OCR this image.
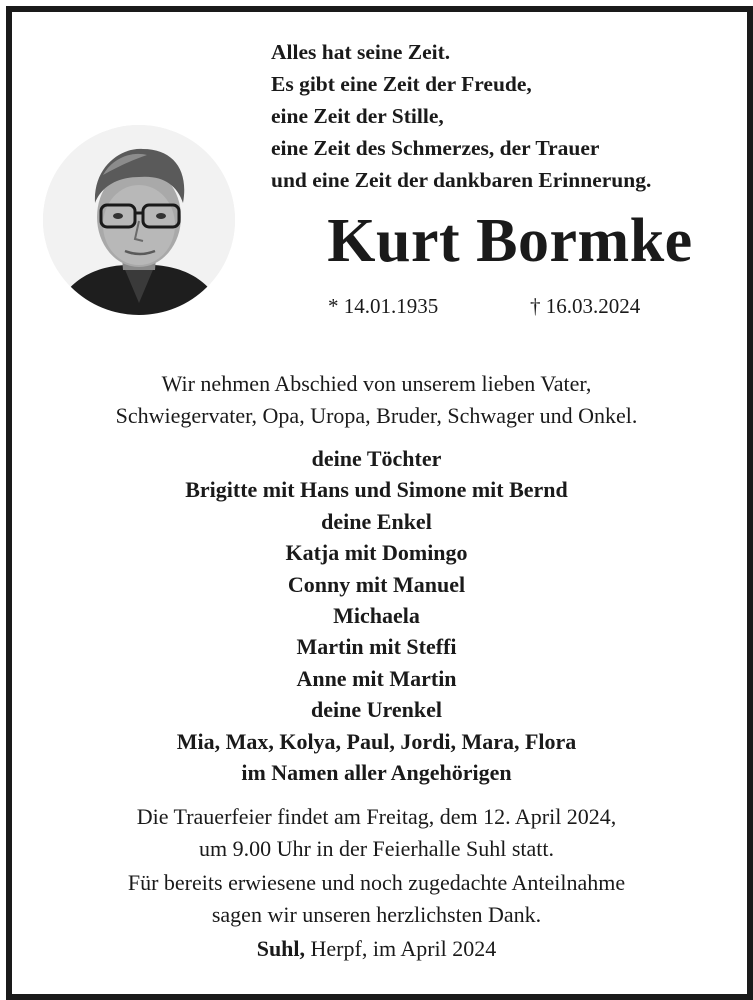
Alles hat seine Zeit.
Es gibt eine Zeit der Freude,
eine Zeit der Stille,
eine Zeit des Schmerzes, der Trauer
und eine Zeit der dankbaren Erinnerung.
Kurt Bormke
* 14.01.1935	† 16.03.2024
Wir nehmen Abschied von unserem lieben Vater,
Schwiegervater, Opa, Uropa, Bruder, Schwager und Onkel.
deine Töchter
Brigitte mit Hans und Simone mit Bernd
deine Enkel
Katja mit Domingo
Conny mit Manuel
Michaela
Martin mit Steffi
Anne mit Martin
deine Urenkel
Mia, Max, Kolya, Paul, Jordi, Mara, Flora
im Namen aller Angehörigen
Die Trauerfeier findet am Freitag, dem 12. April 2024,
um 9.00 Uhr in der Feierhalle Suhl statt.
Für bereits erwiesene und noch zugedachte Anteilnahme
sagen wir unseren herzlichsten Dank.
Suhl, Herpf, im April 2024
